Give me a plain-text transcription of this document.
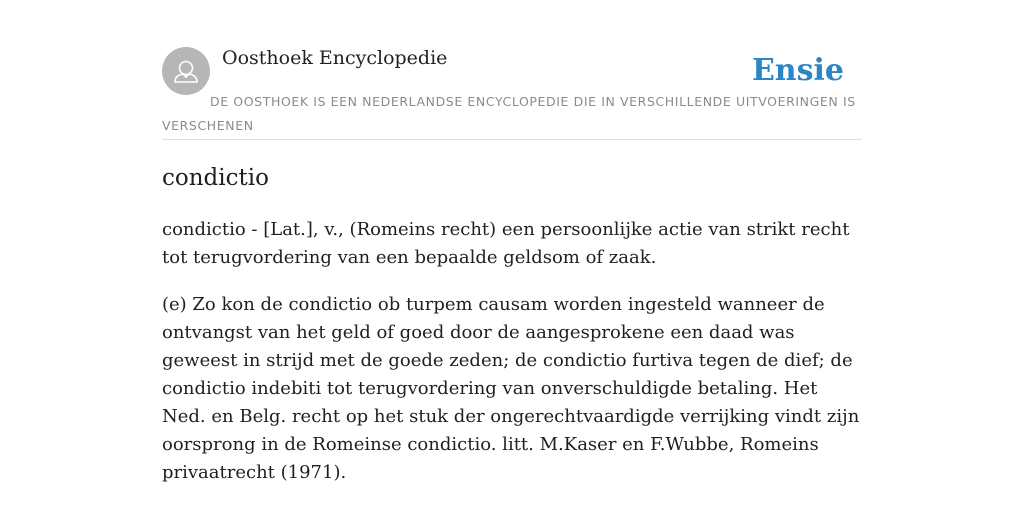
Oosthoek Encyclopedie	Ensie

DE OOSTHOEK IS EEN NEDERLANDSE ENCYCLOPEDIE DIE IN VERSCHILLENDE UITVOERINGEN IS VERSCHENEN

condictio

condictio - [Lat.], v., (Romeins recht) een persoonlijke actie van strikt recht tot terugvordering van een bepaalde geldsom of zaak.

(e) Zo kon de condictio ob turpem causam worden ingesteld wanneer de ontvangst van het geld of goed door de aangesprokene een daad was geweest in strijd met de goede zeden; de condictio furtiva tegen de dief; de condictio indebiti tot terugvordering van onverschuldigde betaling. Het Ned. en Belg. recht op het stuk der ongerechtvaardigde verrijking vindt zijn oorsprong in de Romeinse condictio. litt. M.Kaser en F.Wubbe, Romeins privaatrecht (1971).
